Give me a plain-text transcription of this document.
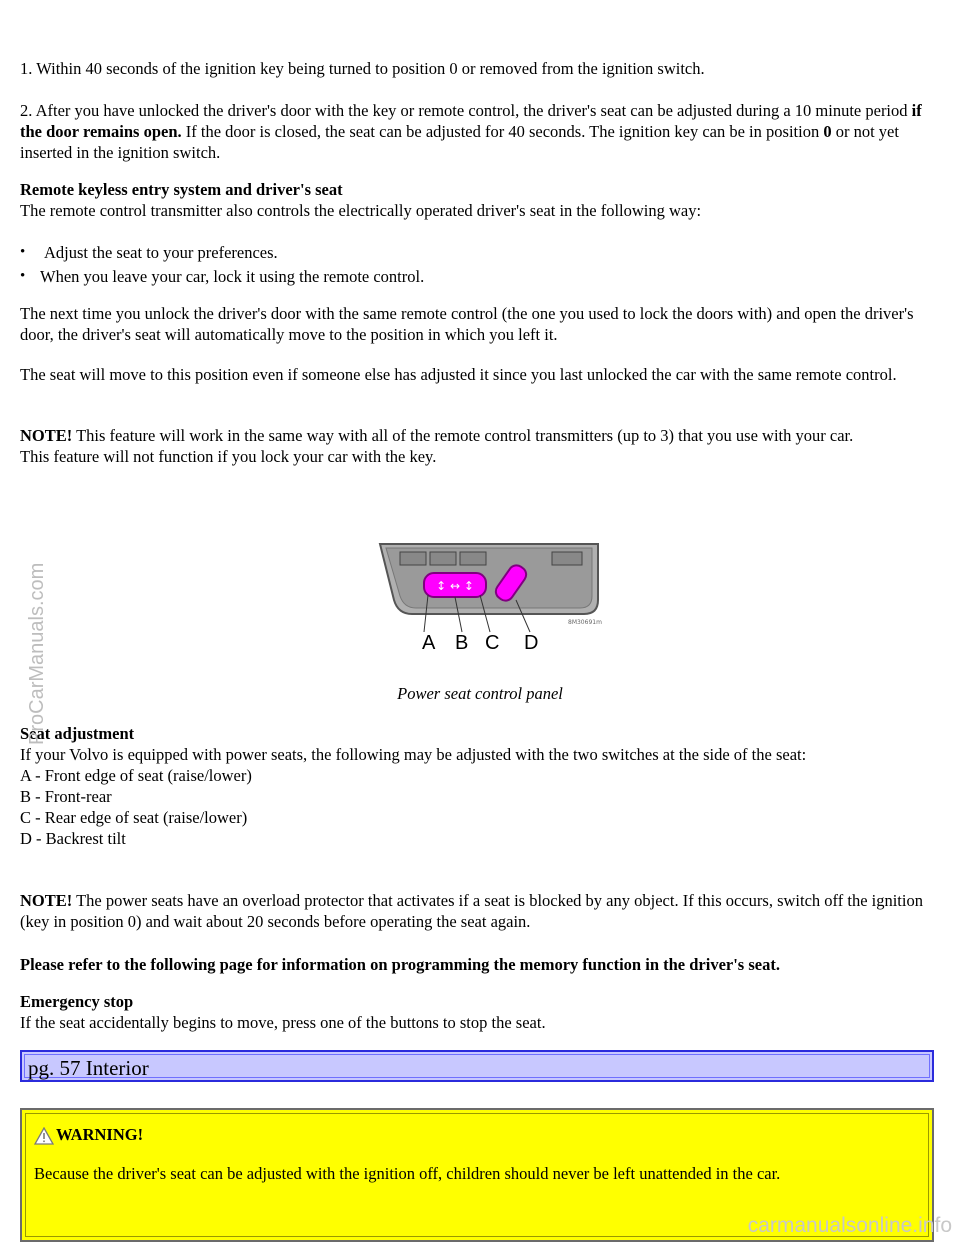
1. Within 40 seconds of the ignition key being turned to position 0 or removed from the ignition switch.

2. After you have unlocked the driver's door with the key or remote control, the driver's seat can be adjusted during a 10 minute period if the door remains open. If the door is closed, the seat can be adjusted for 40 seconds. The ignition key can be in position 0 or not yet inserted in the ignition switch.

Remote keyless entry system and driver's seat

The remote control transmitter also controls the electrically operated driver's seat in the following way:

• Adjust the seat to your preferences.
• When you leave your car, lock it using the remote control.

The next time you unlock the driver's door with the same remote control (the one you used to lock the doors with) and open the driver's door, the driver's seat will automatically move to the position in which you left it.

The seat will move to this position even if someone else has adjusted it since you last unlocked the car with the same remote control.

NOTE! This feature will work in the same way with all of the remote control transmitters (up to 3) that you use with your car.
This feature will not function if you lock your car with the key.
↕ ↔ ↕
8M30691m
A B C D

Power seat control panel

Seat adjustment

If your Volvo is equipped with power seats, the following may be adjusted with the two switches at the side of the seat:

A - Front edge of seat (raise/lower)

B - Front-rear

C - Rear edge of seat (raise/lower)

D - Backrest tilt

NOTE! The power seats have an overload protector that activates if a seat is blocked by any object. If this occurs, switch off the ignition (key in position 0) and wait about 20 seconds before operating the seat again.

Please refer to the following page for information on programming the memory function in the driver's seat.

Emergency stop

If the seat accidentally begins to move, press one of the buttons to stop the seat.

pg. 57 Interior
WARNING!

Because the driver's seat can be adjusted with the ignition off, children should never be left unattended in the car.

ProCarManuals.com
carmanualsonline.info
